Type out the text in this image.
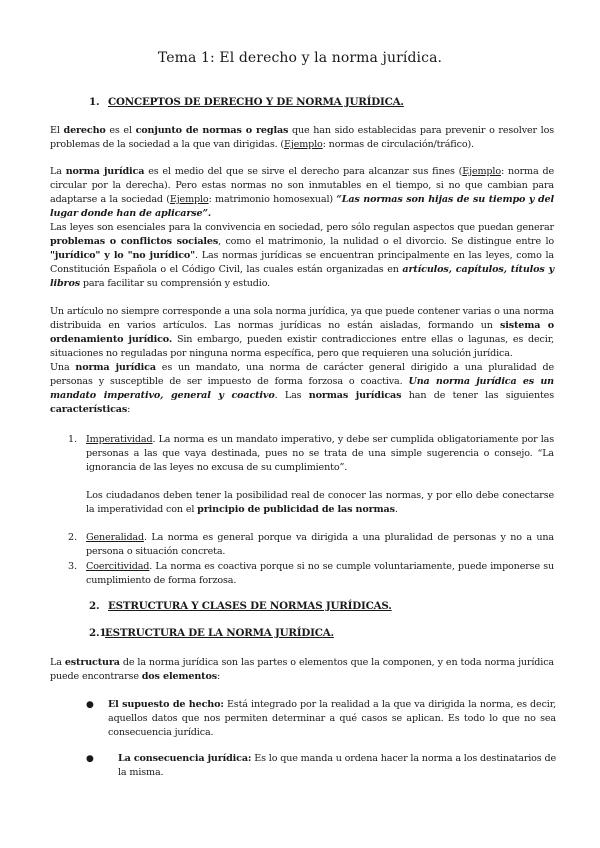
Tema 1: El derecho y la norma jurídica.
1. CONCEPTOS DE DERECHO Y DE NORMA JURÍDICA.
El derecho es el conjunto de normas o reglas que han sido establecidas para prevenir o resolver los problemas de la sociedad a la que van dirigidas. (Ejemplo: normas de circulación/tráfico).
La norma jurídica es el medio del que se sirve el derecho para alcanzar sus fines (Ejemplo: norma de circular por la derecha). Pero estas normas no son inmutables en el tiempo, si no que cambian para adaptarse a la sociedad (Ejemplo: matrimonio homosexual) “Las normas son hijas de su tiempo y del lugar donde han de aplicarse”.
Las leyes son esenciales para la convivencia en sociedad, pero sólo regulan aspectos que puedan generar problemas o conflictos sociales, como el matrimonio, la nulidad o el divorcio. Se distingue entre lo "jurídico" y lo "no jurídico". Las normas jurídicas se encuentran principalmente en las leyes, como la Constitución Española o el Código Civil, las cuales están organizadas en artículos, capítulos, títulos y libros para facilitar su comprensión y estudio.
Un artículo no siempre corresponde a una sola norma jurídica, ya que puede contener varias o una norma distribuida en varios artículos. Las normas jurídicas no están aisladas, formando un sistema o ordenamiento jurídico. Sin embargo, pueden existir contradicciones entre ellas o lagunas, es decir, situaciones no reguladas por ninguna norma específica, pero que requieren una solución jurídica.
Una norma jurídica es un mandato, una norma de carácter general dirigido a una pluralidad de personas y susceptible de ser impuesto de forma forzosa o coactiva. Una norma jurídica es un mandato imperativo, general y coactivo. Las normas jurídicas han de tener las siguientes características:
1. Imperatividad. La norma es un mandato imperativo, y debe ser cumplida obligatoriamente por las personas a las que vaya destinada, pues no se trata de una simple sugerencia o consejo. “La ignorancia de las leyes no excusa de su cumplimiento”.
Los ciudadanos deben tener la posibilidad real de conocer las normas, y por ello debe conectarse la imperatividad con el principio de publicidad de las normas.
2. Generalidad. La norma es general porque va dirigida a una pluralidad de personas y no a una persona o situación concreta.
3. Coercitividad. La norma es coactiva porque si no se cumple voluntariamente, puede imponerse su cumplimiento de forma forzosa.
2. ESTRUCTURA Y CLASES DE NORMAS JURÍDICAS.
2.1.ESTRUCTURA DE LA NORMA JURÍDICA.
La estructura de la norma jurídica son las partes o elementos que la componen, y en toda norma jurídica puede encontrarse dos elementos:
● El supuesto de hecho: Está integrado por la realidad a la que va dirigida la norma, es decir, aquellos datos que nos permiten determinar a qué casos se aplican. Es todo lo que no sea consecuencia jurídica.
●	La consecuencia jurídica: Es lo que manda u ordena hacer la norma a los destinatarios de la misma.
